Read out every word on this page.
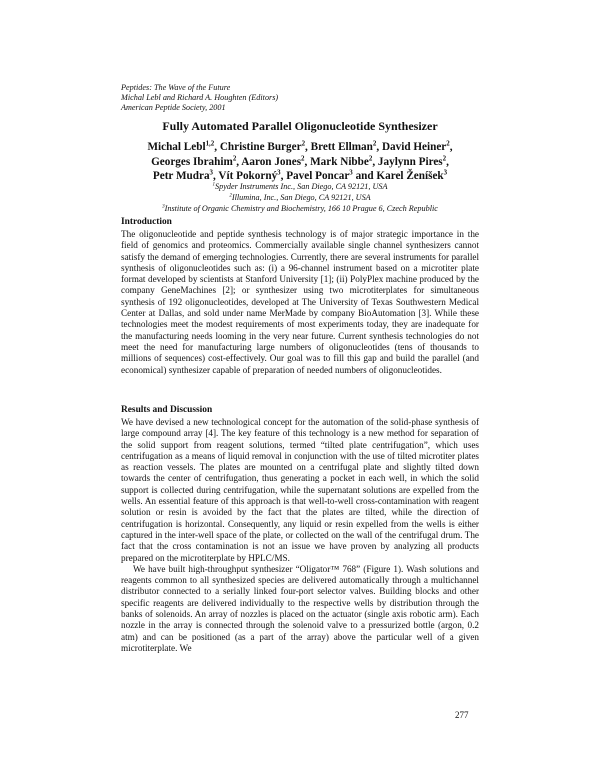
Peptides: The Wave of the Future
Michal Lebl and Richard A. Houghten (Editors)
American Peptide Society, 2001
Fully Automated Parallel Oligonucleotide Synthesizer
Michal Lebl$^{1,2}$, Christine Burger$^2$, Brett Ellman$^2$, David Heiner$^2$,
Georges Ibrahim$^2$, Aaron Jones$^2$, Mark Nibbe$^2$, Jaylynn Pires$^2$,
Petr Mudra$^3$, Vít Pokorný$^3$, Pavel Poncar$^3$ and Karel Ženíšek$^3$
$^1$Spyder Instruments Inc., San Diego, CA 92121, USA
$^2$Illumina, Inc., San Diego, CA 92121, USA
$^3$Institute of Organic Chemistry and Biochemistry, 166 10 Prague 6, Czech Republic
Introduction

The oligonucleotide and peptide synthesis technology is of major strategic importance in the field of genomics and proteomics. Commercially available single channel synthesizers cannot satisfy the demand of emerging technologies. Currently, there are several instruments for parallel synthesis of oligonucleotides such as: (i) a 96-channel instrument based on a microtiter plate format developed by scientists at Stanford University [1]; (ii) PolyPlex machine produced by the company GeneMachines [2]; or synthesizer using two microtiterplates for simultaneous synthesis of 192 oligonucleotides, developed at The University of Texas Southwestern Medical Center at Dallas, and sold under name MerMade by company BioAutomation [3]. While these technologies meet the modest requirements of most experiments today, they are inadequate for the manufacturing needs looming in the very near future. Current synthesis technologies do not meet the need for manufacturing large numbers of oligonucleotides (tens of thousands to millions of sequences) cost-effectively. Our goal was to fill this gap and build the parallel (and economical) synthesizer capable of preparation of needed numbers of oligonucleotides.

Results and Discussion

We have devised a new technological concept for the automation of the solid-phase synthesis of large compound array [4]. The key feature of this technology is a new method for separation of the solid support from reagent solutions, termed “tilted plate centrifugation”, which uses centrifugation as a means of liquid removal in conjunction with the use of tilted microtiter plates as reaction vessels. The plates are mounted on a centrifugal plate and slightly tilted down towards the center of centrifugation, thus generating a pocket in each well, in which the solid support is collected during centrifugation, while the supernatant solutions are expelled from the wells. An essential feature of this approach is that well-to-well cross-contamination with reagent solution or resin is avoided by the fact that the plates are tilted, while the direction of centrifugation is horizontal. Consequently, any liquid or resin expelled from the wells is either captured in the inter-well space of the plate, or collected on the wall of the centrifugal drum. The fact that the cross contamination is not an issue we have proven by analyzing all products prepared on the microtiterplate by HPLC/MS.

We have built high-throughput synthesizer “Oligator™ 768” (Figure 1). Wash solutions and reagents common to all synthesized species are delivered automatically through a multichannel distributor connected to a serially linked four-port selector valves. Building blocks and other specific reagents are delivered individually to the respective wells by distribution through the banks of solenoids. An array of nozzles is placed on the actuator (single axis robotic arm). Each nozzle in the array is connected through the solenoid valve to a pressurized bottle (argon, 0.2 atm) and can be positioned (as a part of the array) above the particular well of a given microtiterplate. We

277
